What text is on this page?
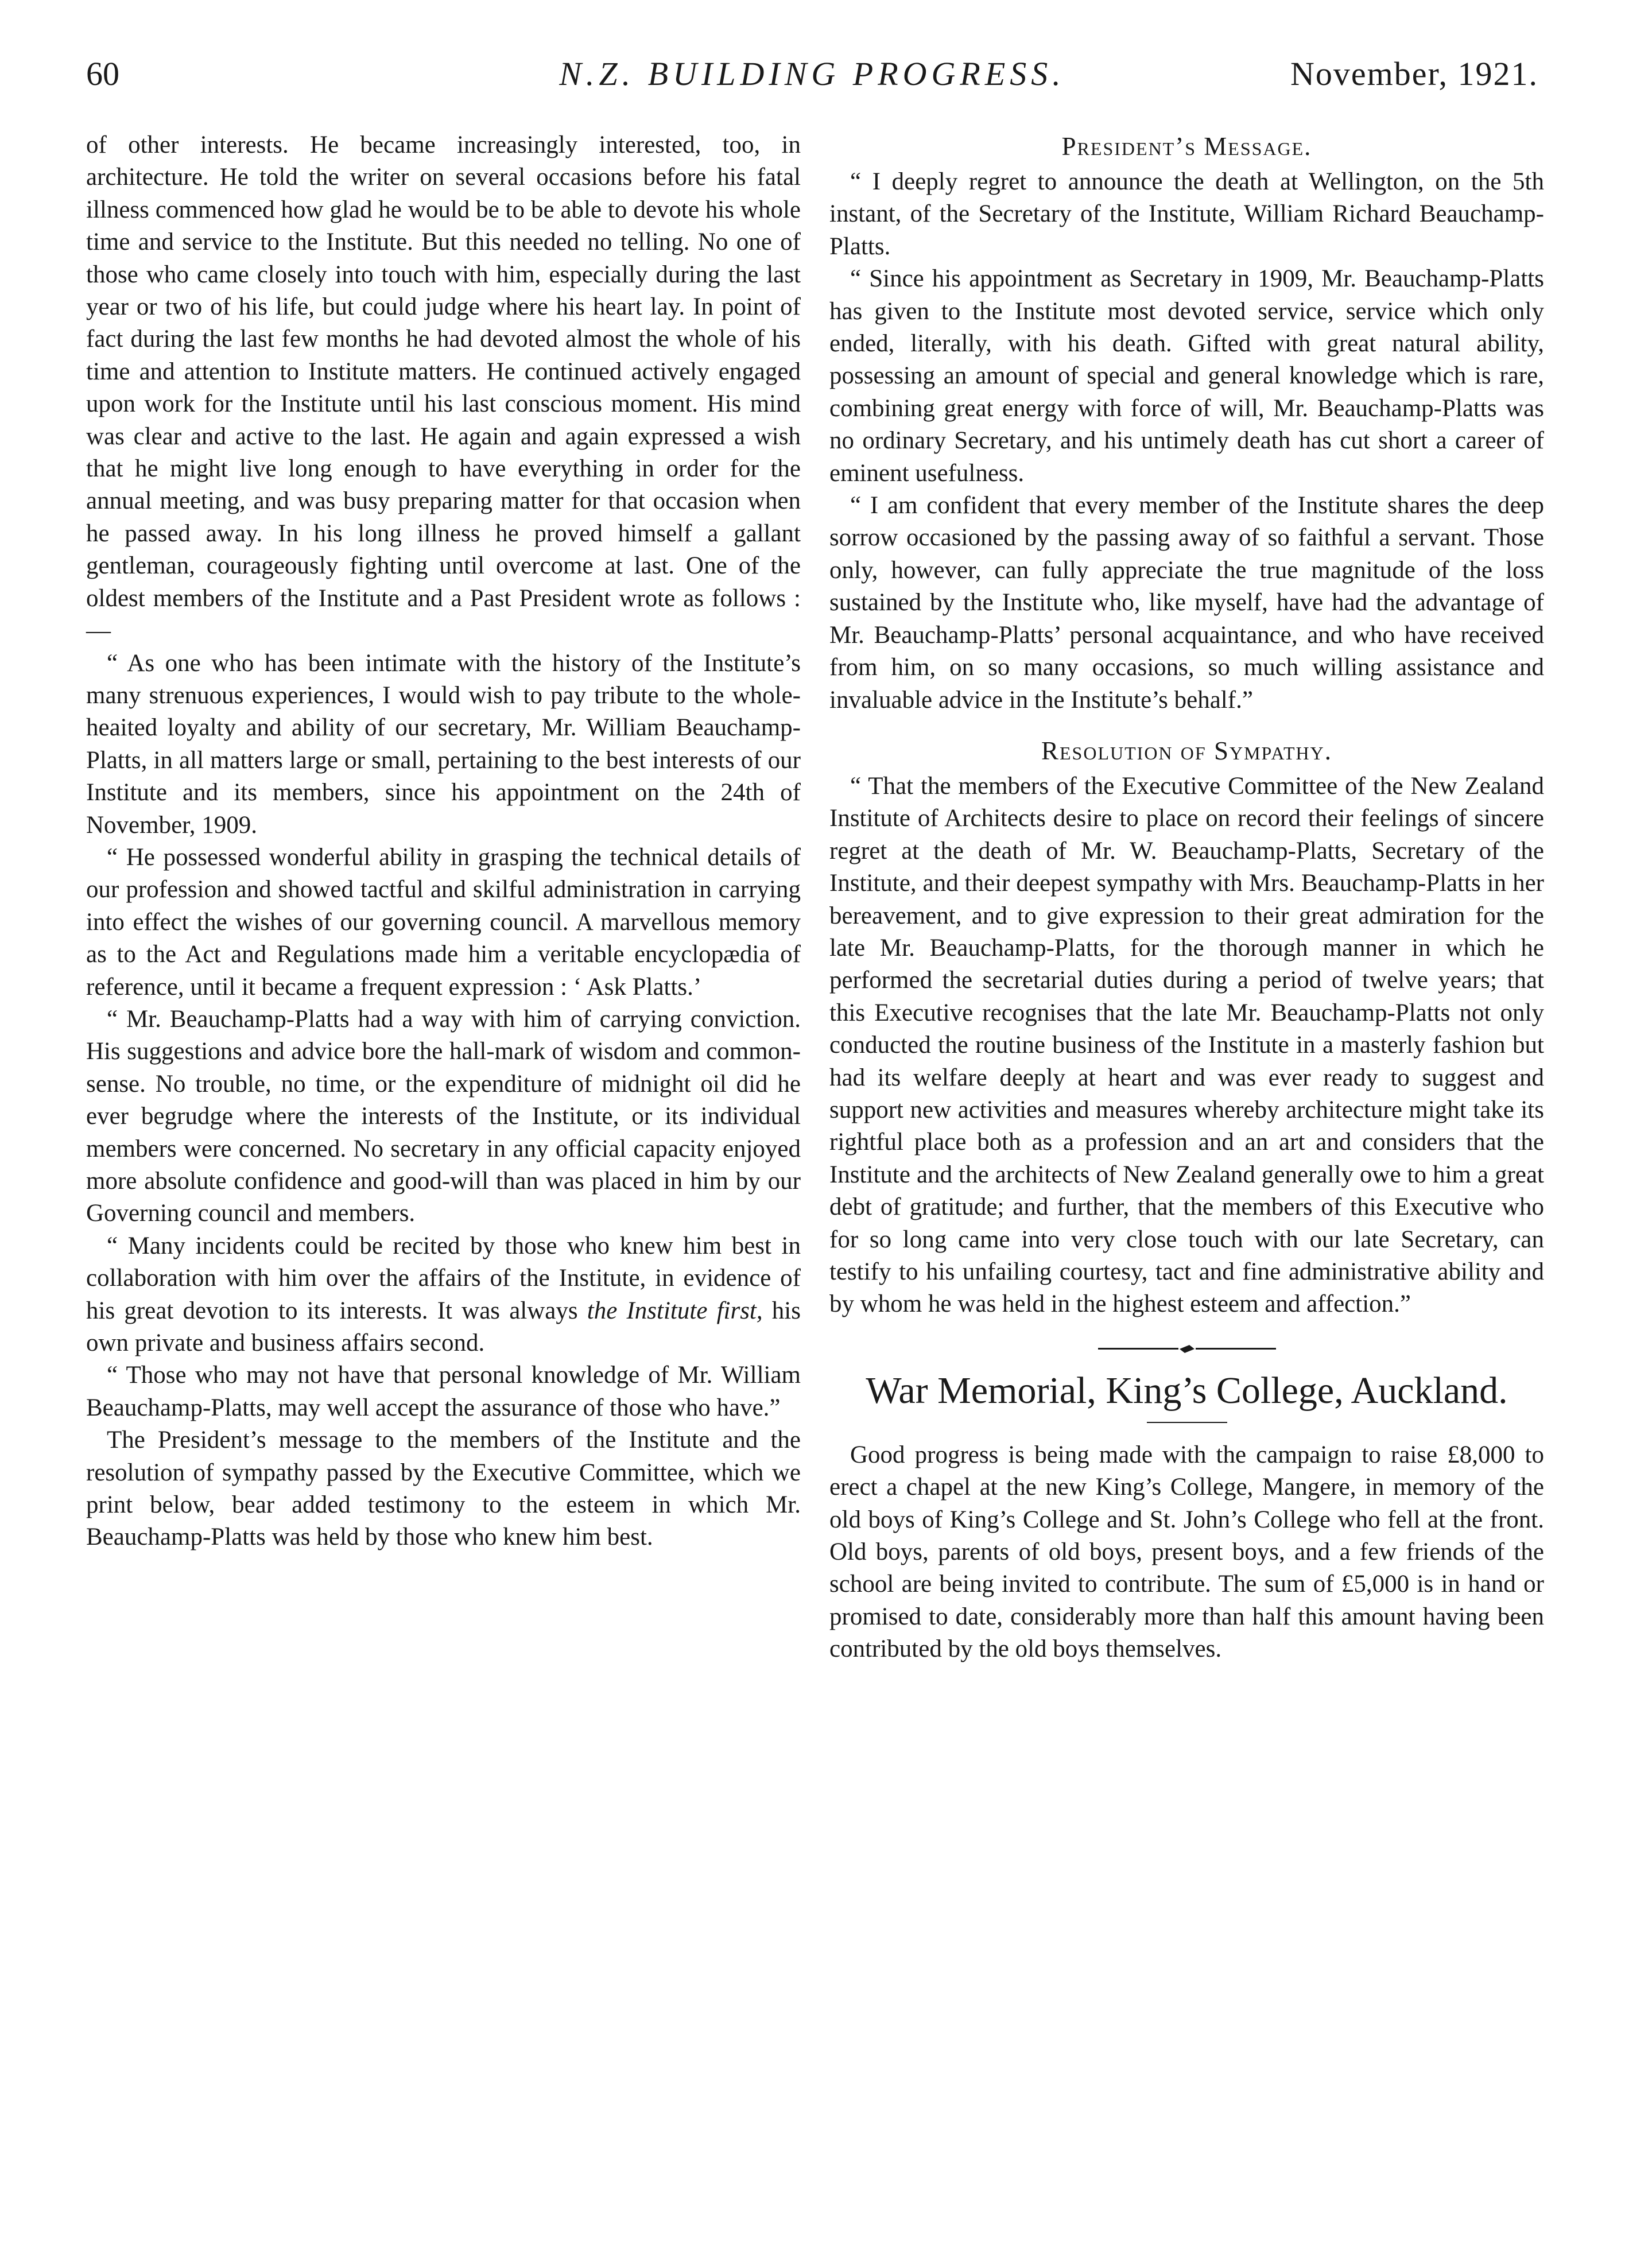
60	N.Z. BUILDING PROGRESS.	November, 1921.

of other interests. He became increasingly interested, too, in architecture. He told the writer on several occasions before his fatal illness commenced how glad he would be to be able to devote his whole time and service to the Institute. But this needed no telling. No one of those who came closely into touch with him, especially during the last year or two of his life, but could judge where his heart lay. In point of fact during the last few months he had devoted almost the whole of his time and attention to Institute matters. He continued actively engaged upon work for the Institute until his last conscious moment. His mind was clear and active to the last. He again and again expressed a wish that he might live long enough to have everything in order for the annual meeting, and was busy preparing matter for that occasion when he passed away. In his long illness he proved himself a gallant gentleman, courageously fighting until overcome at last. One of the oldest members of the Institute and a Past President wrote as follows :—

“ As one who has been intimate with the history of the Institute’s many strenuous experiences, I would wish to pay tribute to the whole-heaited loyalty and ability of our secretary, Mr. William Beauchamp-Platts, in all matters large or small, pertaining to the best interests of our Institute and its members, since his appointment on the 24th of November, 1909.

“ He possessed wonderful ability in grasping the technical details of our profession and showed tactful and skilful administration in carrying into effect the wishes of our governing council. A marvellous memory as to the Act and Regulations made him a veritable encyclopædia of reference, until it became a frequent expression : ‘ Ask Platts.’

“ Mr. Beauchamp-Platts had a way with him of carrying conviction. His suggestions and advice bore the hall-mark of wisdom and common-sense. No trouble, no time, or the expenditure of midnight oil did he ever begrudge where the interests of the Institute, or its individual members were concerned. No secretary in any official capacity enjoyed more absolute confidence and good-will than was placed in him by our Governing council and members.

“ Many incidents could be recited by those who knew him best in collaboration with him over the affairs of the Institute, in evidence of his great devotion to its interests. It was always the Institute first, his own private and business affairs second.

“ Those who may not have that personal knowledge of Mr. William Beauchamp-Platts, may well accept the assurance of those who have.”

The President’s message to the members of the Institute and the resolution of sympathy passed by the Executive Committee, which we print below, bear added testimony to the esteem in which Mr. Beauchamp-Platts was held by those who knew him best.

President’s Message.

“ I deeply regret to announce the death at Wellington, on the 5th instant, of the Secretary of the Institute, William Richard Beauchamp-Platts.

“ Since his appointment as Secretary in 1909, Mr. Beauchamp-Platts has given to the Institute most devoted service, service which only ended, literally, with his death. Gifted with great natural ability, possessing an amount of special and general knowledge which is rare, combining great energy with force of will, Mr. Beauchamp-Platts was no ordinary Secretary, and his untimely death has cut short a career of eminent usefulness.

“ I am confident that every member of the Institute shares the deep sorrow occasioned by the passing away of so faithful a servant. Those only, however, can fully appreciate the true magnitude of the loss sustained by the Institute who, like myself, have had the advantage of Mr. Beauchamp-Platts’ personal acquaintance, and who have received from him, on so many occasions, so much willing assistance and invaluable advice in the Institute’s behalf.”

Resolution of Sympathy.

“ That the members of the Executive Committee of the New Zealand Institute of Architects desire to place on record their feelings of sincere regret at the death of Mr. W. Beauchamp-Platts, Secretary of the Institute, and their deepest sympathy with Mrs. Beauchamp-Platts in her bereavement, and to give expression to their great admiration for the late Mr. Beauchamp-Platts, for the thorough manner in which he performed the secretarial duties during a period of twelve years; that this Executive recognises that the late Mr. Beauchamp-Platts not only conducted the routine business of the Institute in a masterly fashion but had its welfare deeply at heart and was ever ready to suggest and support new activities and measures whereby architecture might take its rightful place both as a profession and an art and considers that the Institute and the architects of New Zealand generally owe to him a great debt of gratitude; and further, that the members of this Executive who for so long came into very close touch with our late Secretary, can testify to his unfailing courtesy, tact and fine administrative ability and by whom he was held in the highest esteem and affection.”

War Memorial, King’s College, Auckland.

Good progress is being made with the campaign to raise £8,000 to erect a chapel at the new King’s College, Mangere, in memory of the old boys of King’s College and St. John’s College who fell at the front. Old boys, parents of old boys, present boys, and a few friends of the school are being invited to contribute. The sum of £5,000 is in hand or promised to date, considerably more than half this amount having been contributed by the old boys themselves.
